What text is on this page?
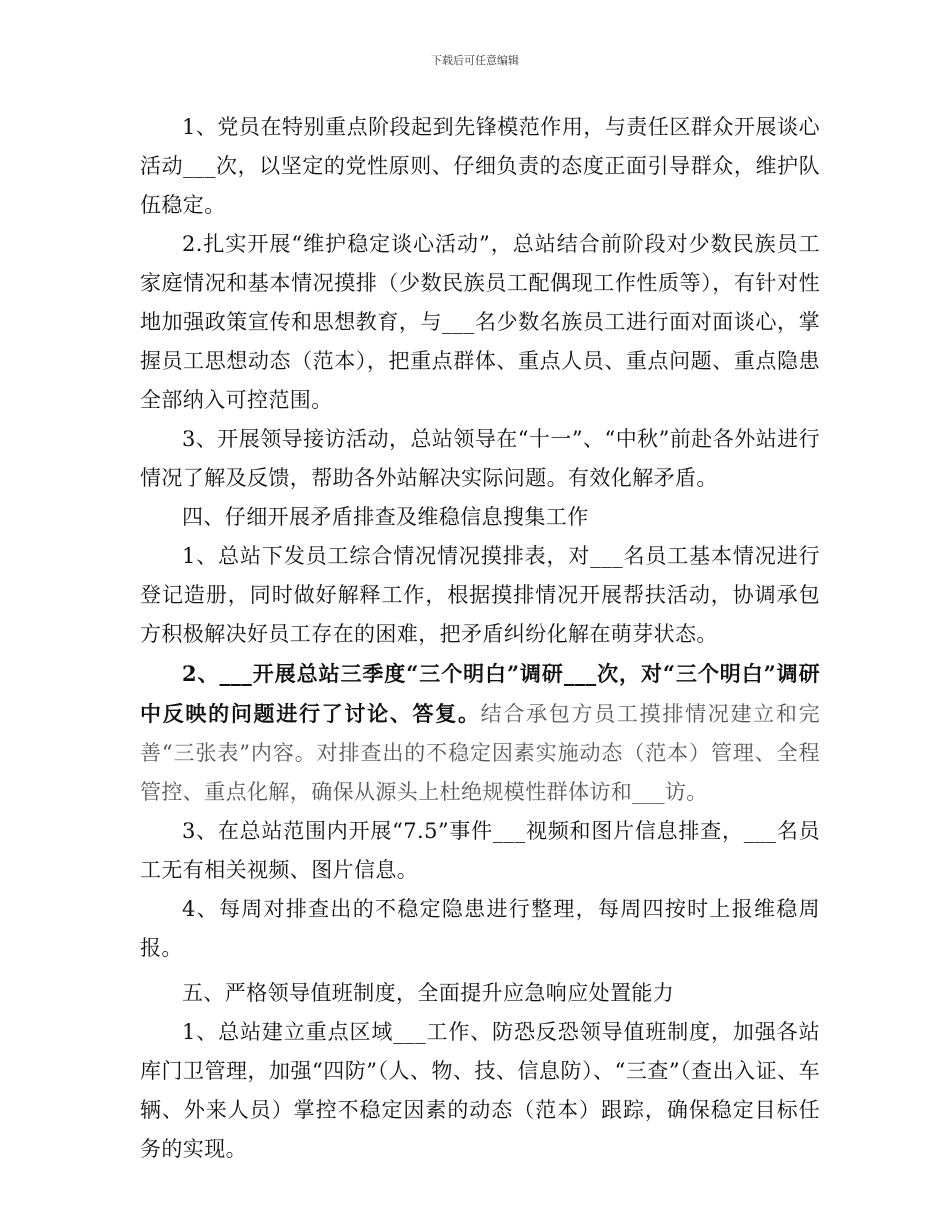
下载后可任意编辑

1、党员在特别重点阶段起到先锋模范作用，与责任区群众开展谈心活动___次，以坚定的党性原则、仔细负责的态度正面引导群众，维护队伍稳定。

2.扎实开展“维护稳定谈心活动”，总站结合前阶段对少数民族员工家庭情况和基本情况摸排（少数民族员工配偶现工作性质等），有针对性地加强政策宣传和思想教育，与___名少数名族员工进行面对面谈心，掌握员工思想动态（范本），把重点群体、重点人员、重点问题、重点隐患全部纳入可控范围。

3、开展领导接访活动，总站领导在“十一”、“中秋”前赴各外站进行情况了解及反馈，帮助各外站解决实际问题。有效化解矛盾。

四、仔细开展矛盾排查及维稳信息搜集工作

1、总站下发员工综合情况情况摸排表，对___名员工基本情况进行登记造册，同时做好解释工作，根据摸排情况开展帮扶活动，协调承包方积极解决好员工存在的困难，把矛盾纠纷化解在萌芽状态。

2、___开展总站三季度“三个明白”调研___次，对“三个明白”调研中反映的问题进行了讨论、答复。结合承包方员工摸排情况建立和完善“三张表”内容。对排查出的不稳定因素实施动态（范本）管理、全程管控、重点化解，确保从源头上杜绝规模性群体访和___访。

3、在总站范围内开展“7.5”事件___视频和图片信息排查，___名员工无有相关视频、图片信息。

4、每周对排查出的不稳定隐患进行整理，每周四按时上报维稳周报。

五、严格领导值班制度，全面提升应急响应处置能力

1、总站建立重点区域___工作、防恐反恐领导值班制度，加强各站库门卫管理，加强“四防”（人、物、技、信息防）、“三查”（查出入证、车辆、外来人员）掌控不稳定因素的动态（范本）跟踪，确保稳定目标任务的实现。
